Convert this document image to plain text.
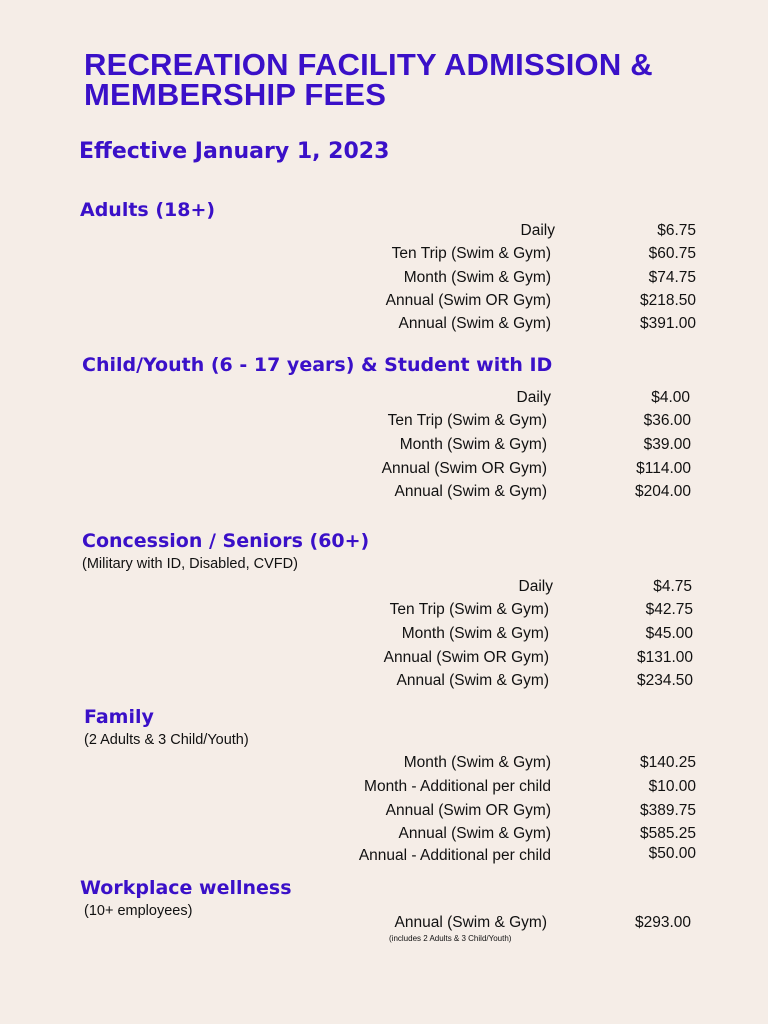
RECREATION FACILITY ADMISSION & MEMBERSHIP FEES
Effective January 1, 2023
Adults (18+)
Daily	$6.75
Ten Trip (Swim & Gym)	$60.75
Month (Swim & Gym)	$74.75
Annual (Swim OR Gym)	$218.50
Annual (Swim & Gym)	$391.00
Child/Youth (6 - 17 years) & Student with ID
Daily	$4.00
Ten Trip (Swim & Gym)	$36.00
Month (Swim & Gym)	$39.00
Annual (Swim OR Gym)	$114.00
Annual (Swim & Gym)	$204.00
Concession / Seniors (60+)

(Military with ID, Disabled, CVFD)

Daily	$4.75
Ten Trip (Swim & Gym)	$42.75
Month (Swim & Gym)	$45.00
Annual (Swim OR Gym)	$131.00
Annual (Swim & Gym)	$234.50
Family

(2 Adults & 3 Child/Youth)

Month (Swim & Gym)	$140.25
Month - Additional per child	$10.00
Annual (Swim OR Gym)	$389.75
Annual (Swim & Gym)	$585.25
Annual - Additional per child	$50.00
Workplace wellness

(10+ employees)

Annual (Swim & Gym)	$293.00
(includes 2 Adults & 3 Child/Youth)
